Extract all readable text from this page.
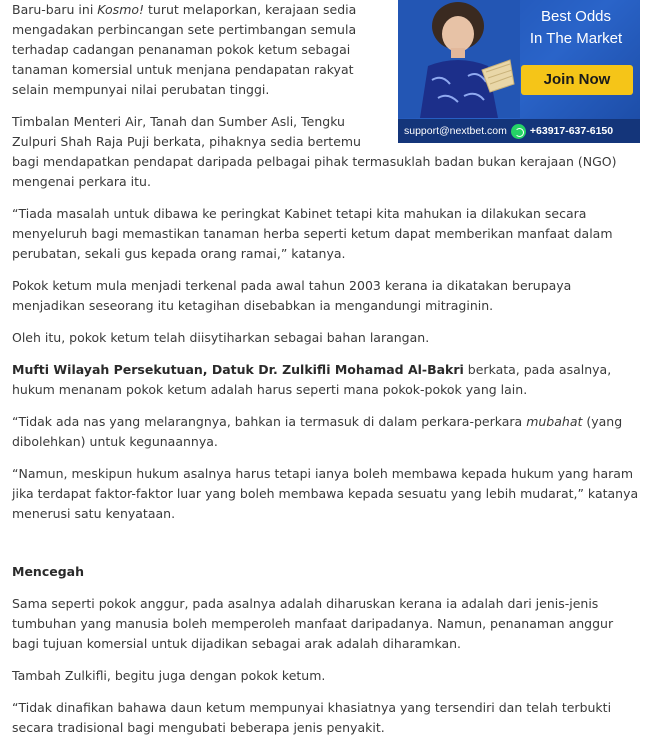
Best Odds
In The Market
Join Now
support@nextbet.com +63917-637-6150

Baru-baru ini Kosmo! turut melaporkan, kerajaan sedia mengadakan perbincangan sete pertimbangan semula terhadap cadangan penanaman pokok ketum sebagai tanaman komersial untuk menjana pendapatan rakyat selain mempunyai nilai perubatan tinggi.

Timbalan Menteri Air, Tanah dan Sumber Asli, Tengku Zulpuri Shah Raja Puji berkata, pihaknya sedia bertemu bagi mendapatkan pendapat daripada pelbagai pihak termasuklah badan bukan kerajaan (NGO) mengenai perkara itu.

“Tiada masalah untuk dibawa ke peringkat Kabinet tetapi kita mahukan ia dilakukan secara menyeluruh bagi memastikan tanaman herba seperti ketum dapat memberikan manfaat dalam perubatan, sekali gus kepada orang ramai,” katanya.

Pokok ketum mula menjadi terkenal pada awal tahun 2003 kerana ia dikatakan berupaya menjadikan seseorang itu ketagihan disebabkan ia mengandungi mitraginin.

Oleh itu, pokok ketum telah diisytiharkan sebagai bahan larangan.

Mufti Wilayah Persekutuan, Datuk Dr. Zulkifli Mohamad Al-Bakri berkata, pada asalnya, hukum menanam pokok ketum adalah harus seperti mana pokok-pokok yang lain.

“Tidak ada nas yang melarangnya, bahkan ia termasuk di dalam perkara-perkara mubahat (yang dibolehkan) untuk kegunaannya.

“Namun, meskipun hukum asalnya harus tetapi ianya boleh membawa kepada hukum yang haram jika terdapat faktor-faktor luar yang boleh membawa kepada sesuatu yang lebih mudarat,” katanya menerusi satu kenyataan.

Mencegah

Sama seperti pokok anggur, pada asalnya adalah diharuskan kerana ia adalah dari jenis-jenis tumbuhan yang manusia boleh memperoleh manfaat daripadanya. Namun, penanaman anggur bagi tujuan komersial untuk dijadikan sebagai arak adalah diharamkan.

Tambah Zulkifli, begitu juga dengan pokok ketum.

“Tidak dinafikan bahawa daun ketum mempunyai khasiatnya yang tersendiri dan telah terbukti secara tradisional bagi mengubati beberapa jenis penyakit.
